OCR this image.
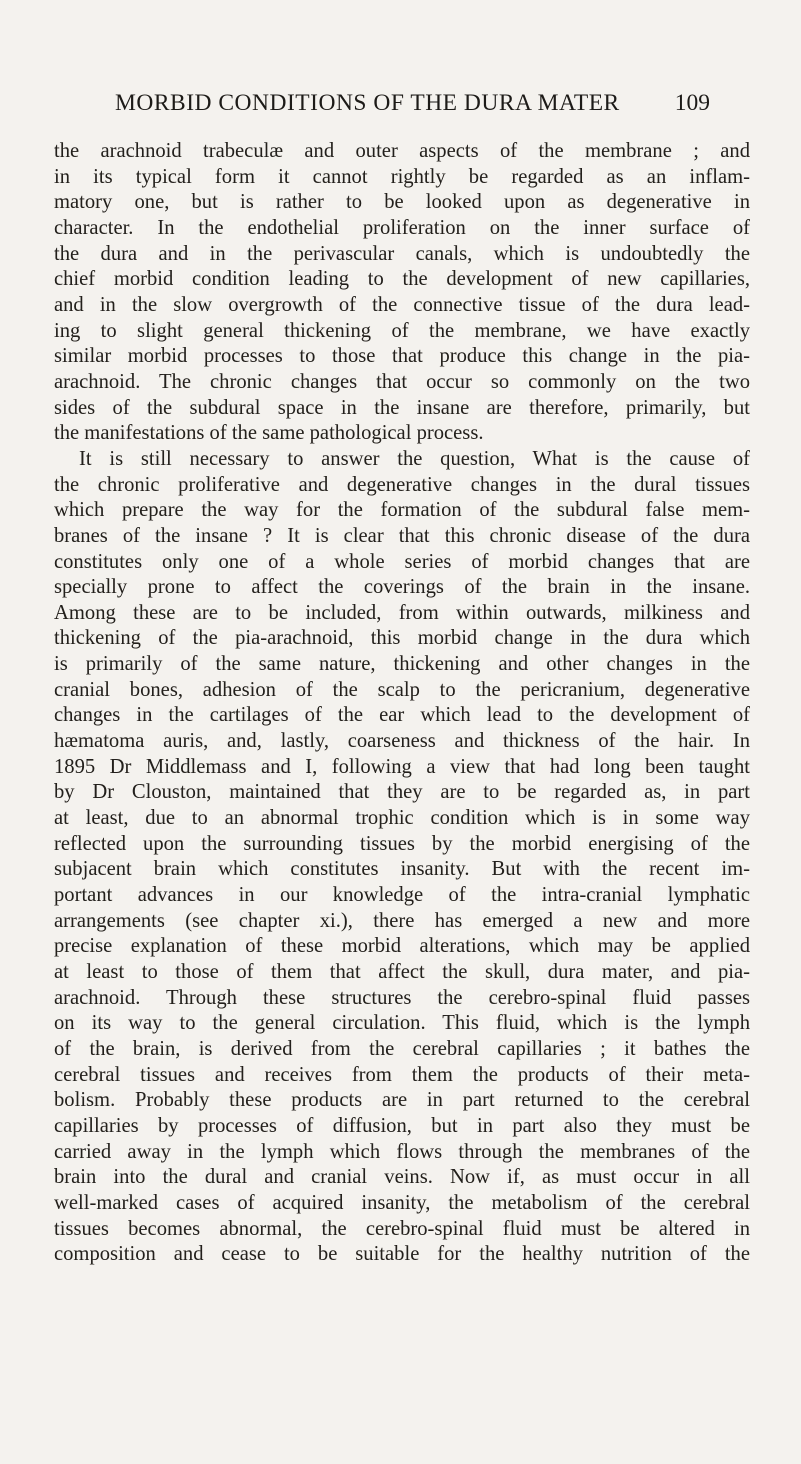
MORBID CONDITIONS OF THE DURA MATER 109
the arachnoid trabeculæ and outer aspects of the membrane ; and
in its typical form it cannot rightly be regarded as an inflam-
matory one, but is rather to be looked upon as degenerative in
character. In the endothelial proliferation on the inner surface of
the dura and in the perivascular canals, which is undoubtedly the
chief morbid condition leading to the development of new capillaries,
and in the slow overgrowth of the connective tissue of the dura lead-
ing to slight general thickening of the membrane, we have exactly
similar morbid processes to those that produce this change in the pia-
arachnoid. The chronic changes that occur so commonly on the two
sides of the subdural space in the insane are therefore, primarily, but
the manifestations of the same pathological process.
It is still necessary to answer the question, What is the cause of
the chronic proliferative and degenerative changes in the dural tissues
which prepare the way for the formation of the subdural false mem-
branes of the insane ? It is clear that this chronic disease of the dura
constitutes only one of a whole series of morbid changes that are
specially prone to affect the coverings of the brain in the insane.
Among these are to be included, from within outwards, milkiness and
thickening of the pia-arachnoid, this morbid change in the dura which
is primarily of the same nature, thickening and other changes in the
cranial bones, adhesion of the scalp to the pericranium, degenerative
changes in the cartilages of the ear which lead to the development of
hæmatoma auris, and, lastly, coarseness and thickness of the hair. In
1895 Dr Middlemass and I, following a view that had long been taught
by Dr Clouston, maintained that they are to be regarded as, in part
at least, due to an abnormal trophic condition which is in some way
reflected upon the surrounding tissues by the morbid energising of the
subjacent brain which constitutes insanity. But with the recent im-
portant advances in our knowledge of the intra-cranial lymphatic
arrangements (see chapter xi.), there has emerged a new and more
precise explanation of these morbid alterations, which may be applied
at least to those of them that affect the skull, dura mater, and pia-
arachnoid. Through these structures the cerebro-spinal fluid passes
on its way to the general circulation. This fluid, which is the lymph
of the brain, is derived from the cerebral capillaries ; it bathes the
cerebral tissues and receives from them the products of their meta-
bolism. Probably these products are in part returned to the cerebral
capillaries by processes of diffusion, but in part also they must be
carried away in the lymph which flows through the membranes of the
brain into the dural and cranial veins. Now if, as must occur in all
well-marked cases of acquired insanity, the metabolism of the cerebral
tissues becomes abnormal, the cerebro-spinal fluid must be altered in
composition and cease to be suitable for the healthy nutrition of the
